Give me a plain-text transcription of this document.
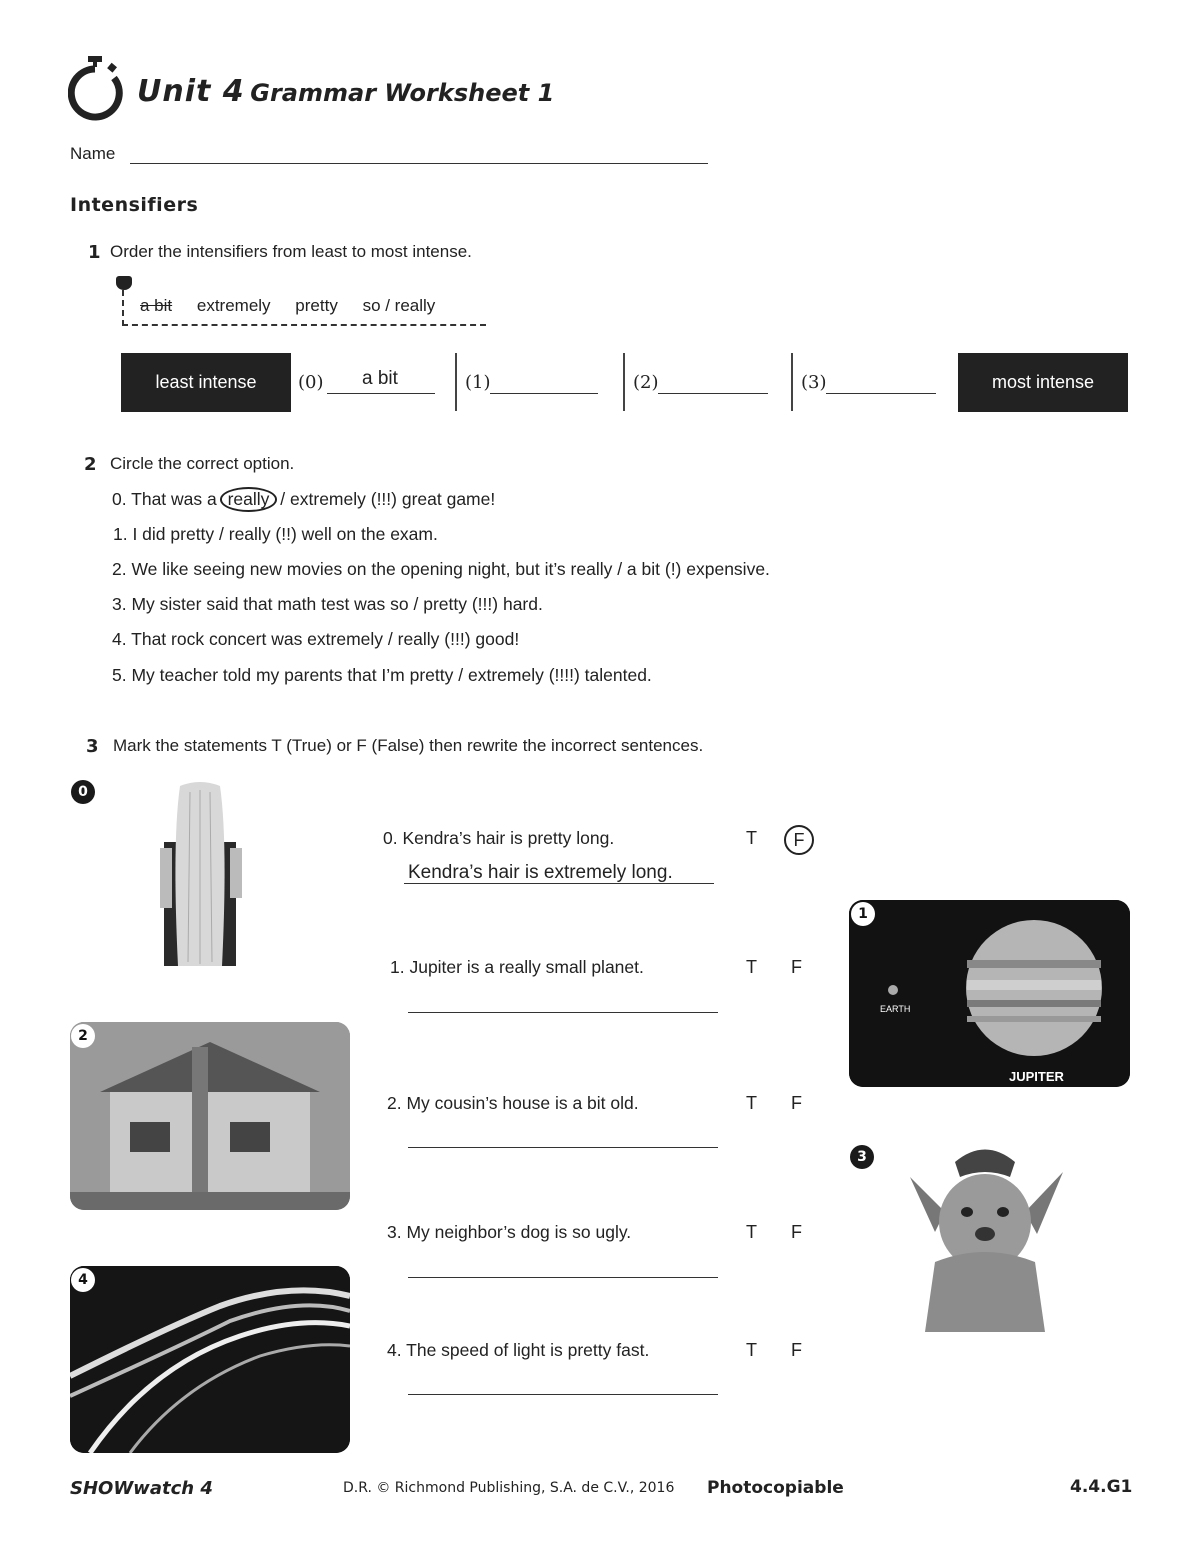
Unit 4 Grammar Worksheet 1
Name
Intensifiers
1 Order the intensifiers from least to most intense.
a bit extremely pretty so / really
least intense	most intense
(0) a bit	(1)	(2)	(3)
2 Circle the correct option.
0. That was a really / extremely (!!!) great game!
1. I did pretty / really (!!) well on the exam.
2. We like seeing new movies on the opening night, but it’s really / a bit (!) expensive.
3. My sister said that math test was so / pretty (!!!) hard.
4. That rock concert was extremely / really (!!!) good!
5. My teacher told my parents that I’m pretty / extremely (!!!!) talented.
3 Mark the statements T (True) or F (False) then rewrite the incorrect sentences.
0
2
4
0. Kendra’s hair is pretty long.	T	F
Kendra’s hair is extremely long.
1. Jupiter is a really small planet.	T F
2. My cousin’s house is a bit old.	T F
3. My neighbor’s dog is so ugly.	T F
4. The speed of light is pretty fast.	T F
1
EARTH
JUPITER
3
SHOWwatch 4	D.R. © Richmond Publishing, S.A. de C.V., 2016 Photocopiable	4.4.G1
